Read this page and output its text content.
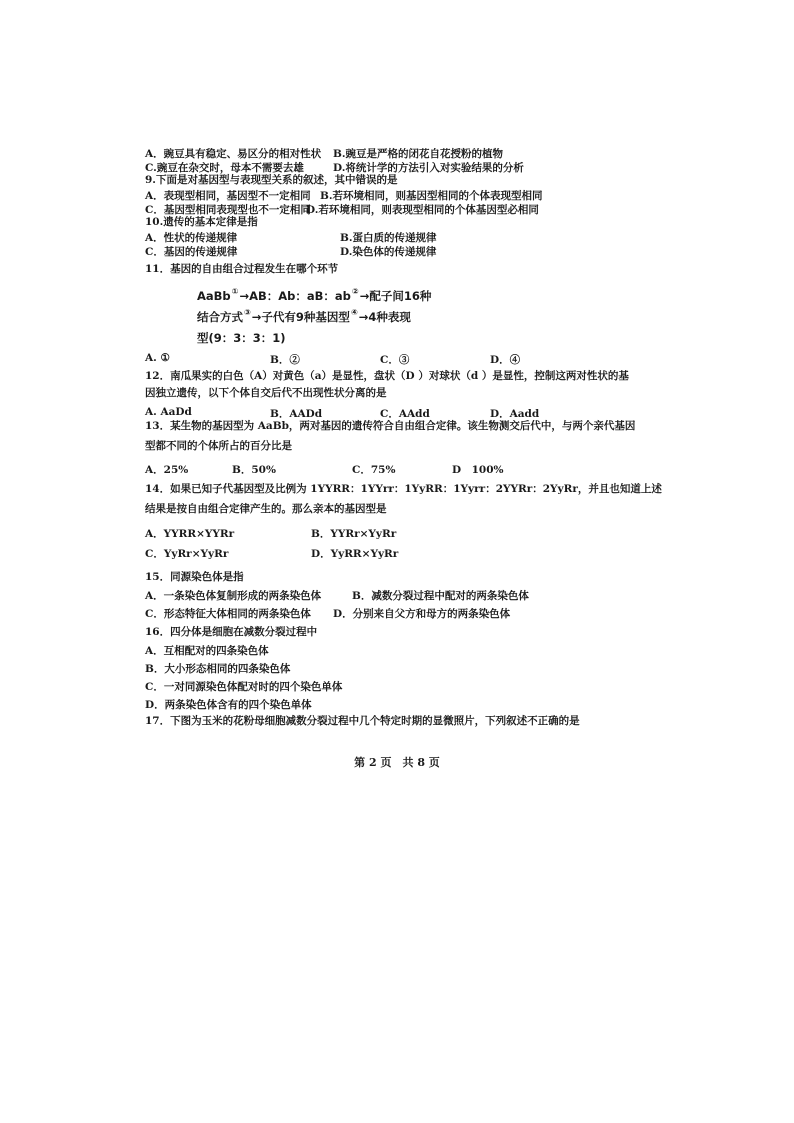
A．豌豆具有稳定、易区分的相对性状 B.豌豆是严格的闭花自花授粉的植物
C.豌豆在杂交时，母本不需要去雄	D.将统计学的方法引入对实验结果的分析
9.下面是对基因型与表现型关系的叙述，其中错误的是
A．表现型相同，基因型不一定相同 B.若环境相同，则基因型相同的个体表现型相同
C．基因型相同表现型也不一定相同
D.若环境相同，则表现型相同的个体基因型必相同
10.遗传的基本定律是指
A．性状的传递规律	B.蛋白质的传递规律
C．基因的传递规律	D.染色体的传递规律
11．基因的自由组合过程发生在哪个环节
AaBb①→AB：Ab：aB：ab②→配子间16种
结合方式③→子代有9种基因型④→4种表现
型(9：3：3：1)
A. ①	B．②	C．③	D．④
12．南瓜果实的白色（A）对黄色（a）是显性，盘状（D ）对球状（d ）是显性，控制这两对性状的基
因独立遗传，以下个体自交后代不出现性状分离的是
A. AaDd	B．AADd	C．AAdd	D．Aadd
13．某生物的基因型为 AaBb，两对基因的遗传符合自由组合定律。该生物测交后代中，与两个亲代基因
型都不同的个体所占的百分比是
A．25%	B．50%	C．75%	D　100%
14．如果已知子代基因型及比例为 1YYRR：1YYrr：1YyRR：1Yyrr：2YYRr：2YyRr，并且也知道上述
结果是按自由组合定律产生的。那么亲本的基因型是
A．YYRR×YYRr	B．YYRr×YyRr
C．YyRr×YyRr	D．YyRR×YyRr
15．同源染色体是指
A．一条染色体复制形成的两条染色体	B．减数分裂过程中配对的两条染色体
C．形态特征大体相同的两条染色体 D．分别来自父方和母方的两条染色体
16．四分体是细胞在减数分裂过程中
A．互相配对的四条染色体
B．大小形态相同的四条染色体
C．一对同源染色体配对时的四个染色单体
D．两条染色体含有的四个染色单体
17．下图为玉米的花粉母细胞减数分裂过程中几个特定时期的显微照片，下列叙述不正确的是
第 2 页　共 8 页
